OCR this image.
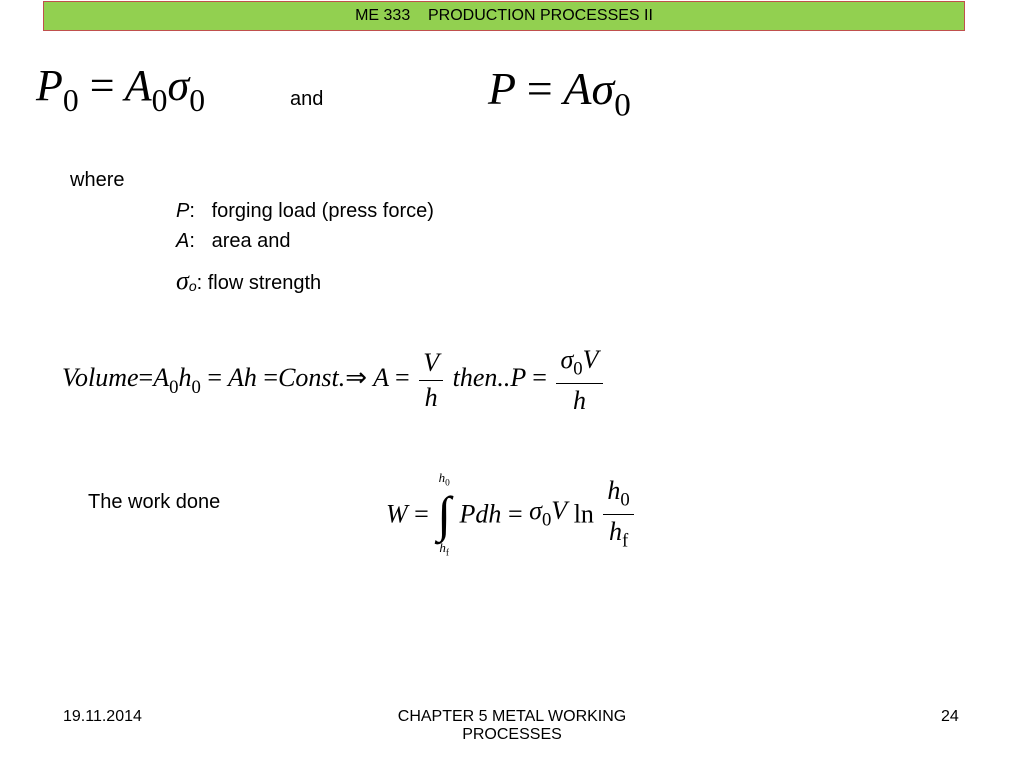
ME 333    PRODUCTION PROCESSES II
$P_0 = A_0\sigma_0$	and	$P = A\sigma_0$
where
P: forging load (press force)
A: area and
σo: flow strength
$Volume=A_0h_0 = Ah$ =Const.⇒ $A = \frac{V}{h}$ then..P = $\frac{\sigma_0V}{h}$
The work done	W =
$h_0$
∫
$h_f$
Pdh = $\sigma_0V$ $\ln \frac{h_0}{h_f}$
19.11.2014	CHAPTER 5 METAL WORKING
PROCESSES
24
